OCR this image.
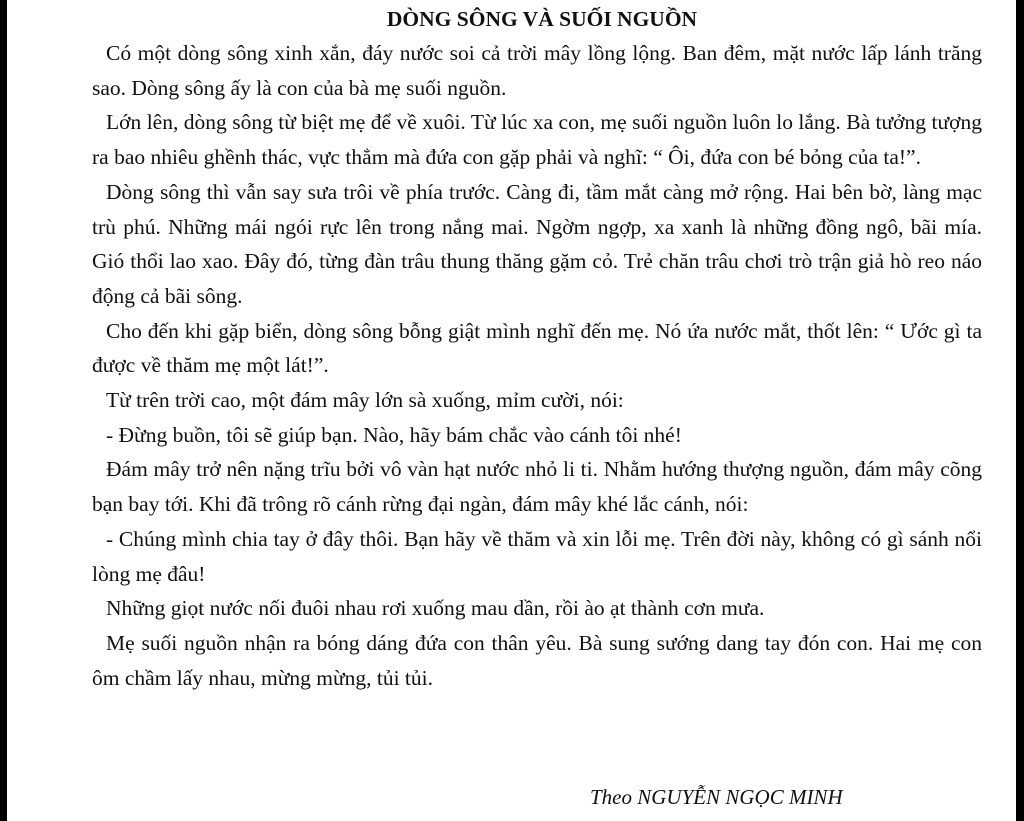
DÒNG SÔNG VÀ SUỐI NGUỒN

Có một dòng sông xinh xắn, đáy nước soi cả trời mây lồng lộng. Ban đêm, mặt nước lấp lánh trăng sao. Dòng sông ấy là con của bà mẹ suối nguồn.

Lớn lên, dòng sông từ biệt mẹ để về xuôi. Từ lúc xa con, mẹ suối nguồn luôn lo lắng. Bà tưởng tượng ra bao nhiêu ghềnh thác, vực thẳm mà đứa con gặp phải và nghĩ: “ Ôi, đứa con bé bỏng của ta!”.

Dòng sông thì vẫn say sưa trôi về phía trước. Càng đi, tầm mắt càng mở rộng. Hai bên bờ, làng mạc trù phú. Những mái ngói rực lên trong nắng mai. Ngờm ngợp, xa xanh là những đồng ngô, bãi mía. Gió thổi lao xao. Đây đó, từng đàn trâu thung thăng gặm cỏ. Trẻ chăn trâu chơi trò trận giả hò reo náo động cả bãi sông.

Cho đến khi gặp biển, dòng sông bỗng giật mình nghĩ đến mẹ. Nó ứa nước mắt, thốt lên: “ Ước gì ta được về thăm mẹ một lát!”.

Từ trên trời cao, một đám mây lớn sà xuống, mỉm cười, nói:

- Đừng buồn, tôi sẽ giúp bạn. Nào, hãy bám chắc vào cánh tôi nhé!

Đám mây trở nên nặng trĩu bởi vô vàn hạt nước nhỏ li ti. Nhằm hướng thượng nguồn, đám mây cõng bạn bay tới. Khi đã trông rõ cánh rừng đại ngàn, đám mây khé lắc cánh, nói:

- Chúng mình chia tay ở đây thôi. Bạn hãy về thăm và xin lỗi mẹ. Trên đời này, không có gì sánh nổi lòng mẹ đâu!

Những giọt nước nối đuôi nhau rơi xuống mau dần, rồi ào ạt thành cơn mưa.

Mẹ suối nguồn nhận ra bóng dáng đứa con thân yêu. Bà sung sướng dang tay đón con. Hai mẹ con ôm chầm lấy nhau, mừng mừng, tủi tủi.

Theo NGUYỄN NGỌC MINH
